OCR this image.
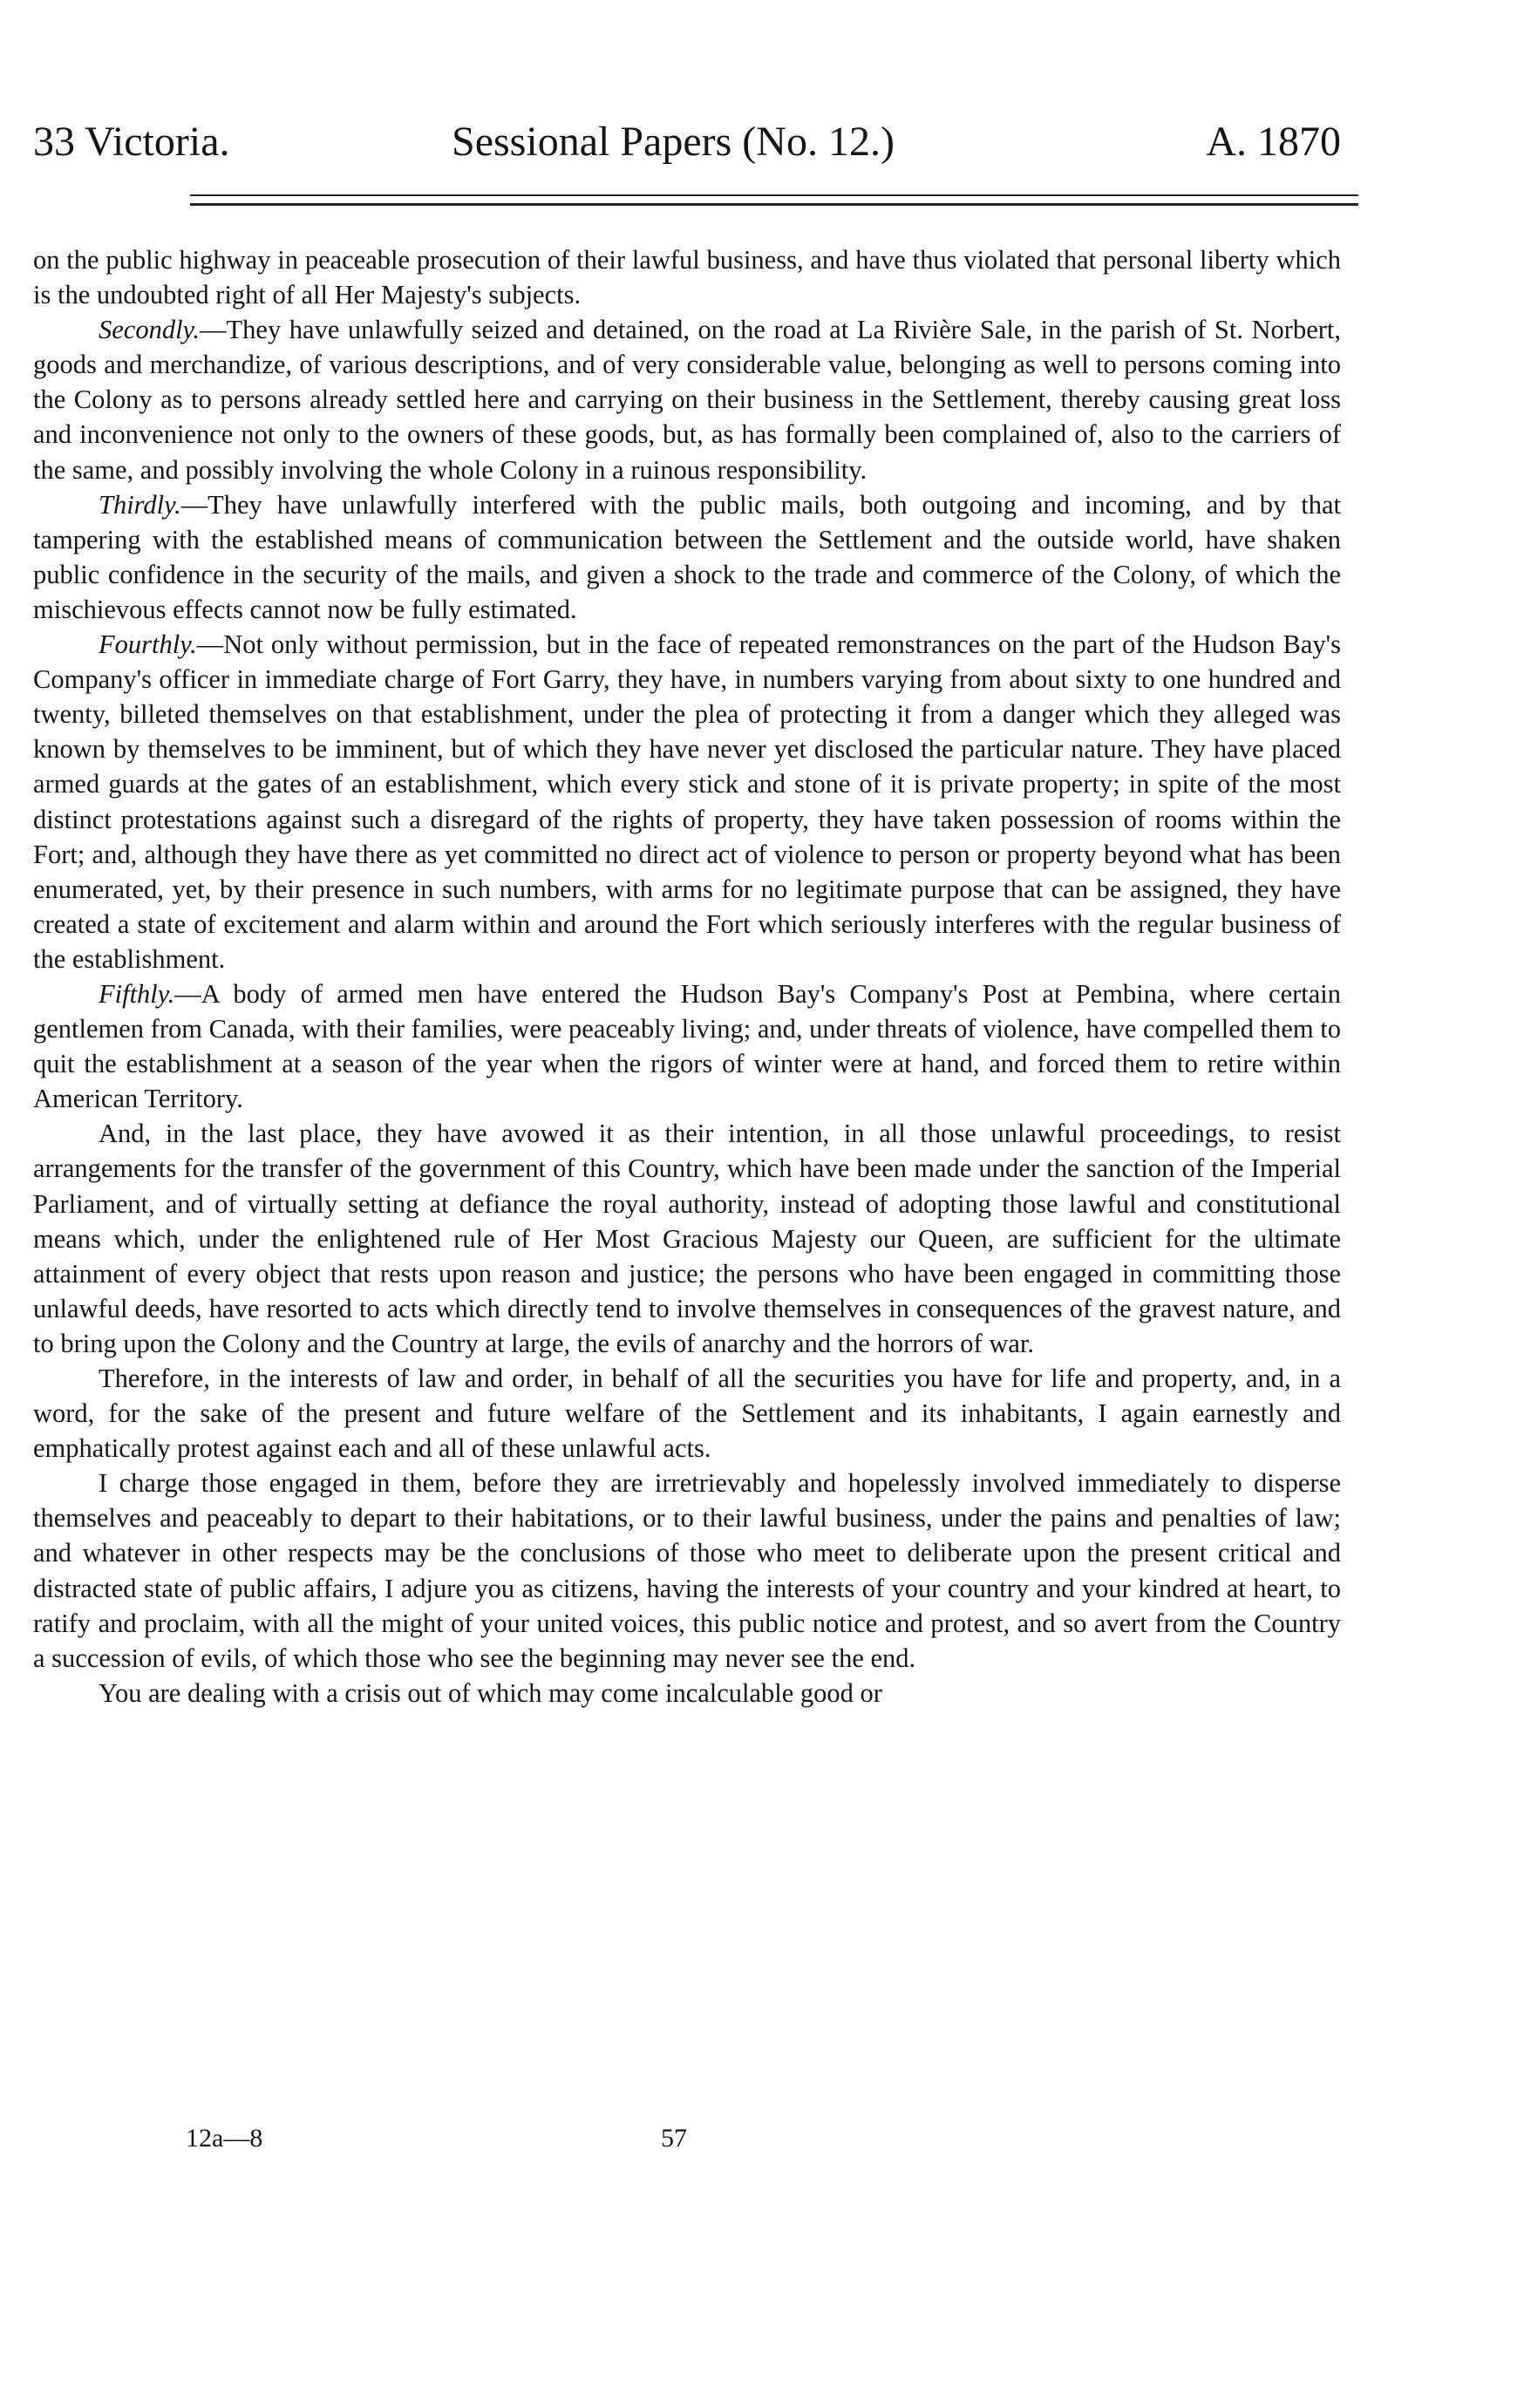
33 Victoria.	Sessional Papers (No. 12.)	A. 1870

on the public highway in peaceable prosecution of their lawful business, and have thus violated that personal liberty which is the undoubted right of all Her Majesty's subjects.

Secondly.—They have unlawfully seized and detained, on the road at La Rivière Sale, in the parish of St. Norbert, goods and merchandize, of various descriptions, and of very considerable value, belonging as well to persons coming into the Colony as to persons already settled here and carrying on their business in the Settlement, thereby causing great loss and inconvenience not only to the owners of these goods, but, as has formally been complained of, also to the carriers of the same, and possibly involving the whole Colony in a ruinous responsibility.

Thirdly.—They have unlawfully interfered with the public mails, both outgoing and incoming, and by that tampering with the established means of communication between the Settlement and the outside world, have shaken public confidence in the security of the mails, and given a shock to the trade and commerce of the Colony, of which the mischievous effects cannot now be fully estimated.

Fourthly.—Not only without permission, but in the face of repeated remonstrances on the part of the Hudson Bay's Company's officer in immediate charge of Fort Garry, they have, in numbers varying from about sixty to one hundred and twenty, billeted themselves on that establishment, under the plea of protecting it from a danger which they alleged was known by themselves to be imminent, but of which they have never yet disclosed the particular nature. They have placed armed guards at the gates of an establishment, which every stick and stone of it is private property; in spite of the most distinct protestations against such a disregard of the rights of property, they have taken possession of rooms within the Fort; and, although they have there as yet committed no direct act of violence to person or property beyond what has been enumerated, yet, by their presence in such numbers, with arms for no legitimate purpose that can be assigned, they have created a state of excitement and alarm within and around the Fort which seriously interferes with the regular business of the establishment.

Fifthly.—A body of armed men have entered the Hudson Bay's Company's Post at Pembina, where certain gentlemen from Canada, with their families, were peaceably living; and, under threats of violence, have compelled them to quit the establishment at a season of the year when the rigors of winter were at hand, and forced them to retire within American Territory.

And, in the last place, they have avowed it as their intention, in all those unlawful proceedings, to resist arrangements for the transfer of the government of this Country, which have been made under the sanction of the Imperial Parliament, and of virtually setting at defiance the royal authority, instead of adopting those lawful and constitutional means which, under the enlightened rule of Her Most Gracious Majesty our Queen, are sufficient for the ultimate attainment of every object that rests upon reason and justice; the persons who have been engaged in committing those unlawful deeds, have resorted to acts which directly tend to involve themselves in consequences of the gravest nature, and to bring upon the Colony and the Country at large, the evils of anarchy and the horrors of war.

Therefore, in the interests of law and order, in behalf of all the securities you have for life and property, and, in a word, for the sake of the present and future welfare of the Settlement and its inhabitants, I again earnestly and emphatically protest against each and all of these unlawful acts.

I charge those engaged in them, before they are irretrievably and hopelessly involved immediately to disperse themselves and peaceably to depart to their habitations, or to their lawful business, under the pains and penalties of law; and whatever in other respects may be the conclusions of those who meet to deliberate upon the present critical and distracted state of public affairs, I adjure you as citizens, having the interests of your country and your kindred at heart, to ratify and proclaim, with all the might of your united voices, this public notice and protest, and so avert from the Country a succession of evils, of which those who see the beginning may never see the end.

You are dealing with a crisis out of which may come incalculable good or

12a—8	57
